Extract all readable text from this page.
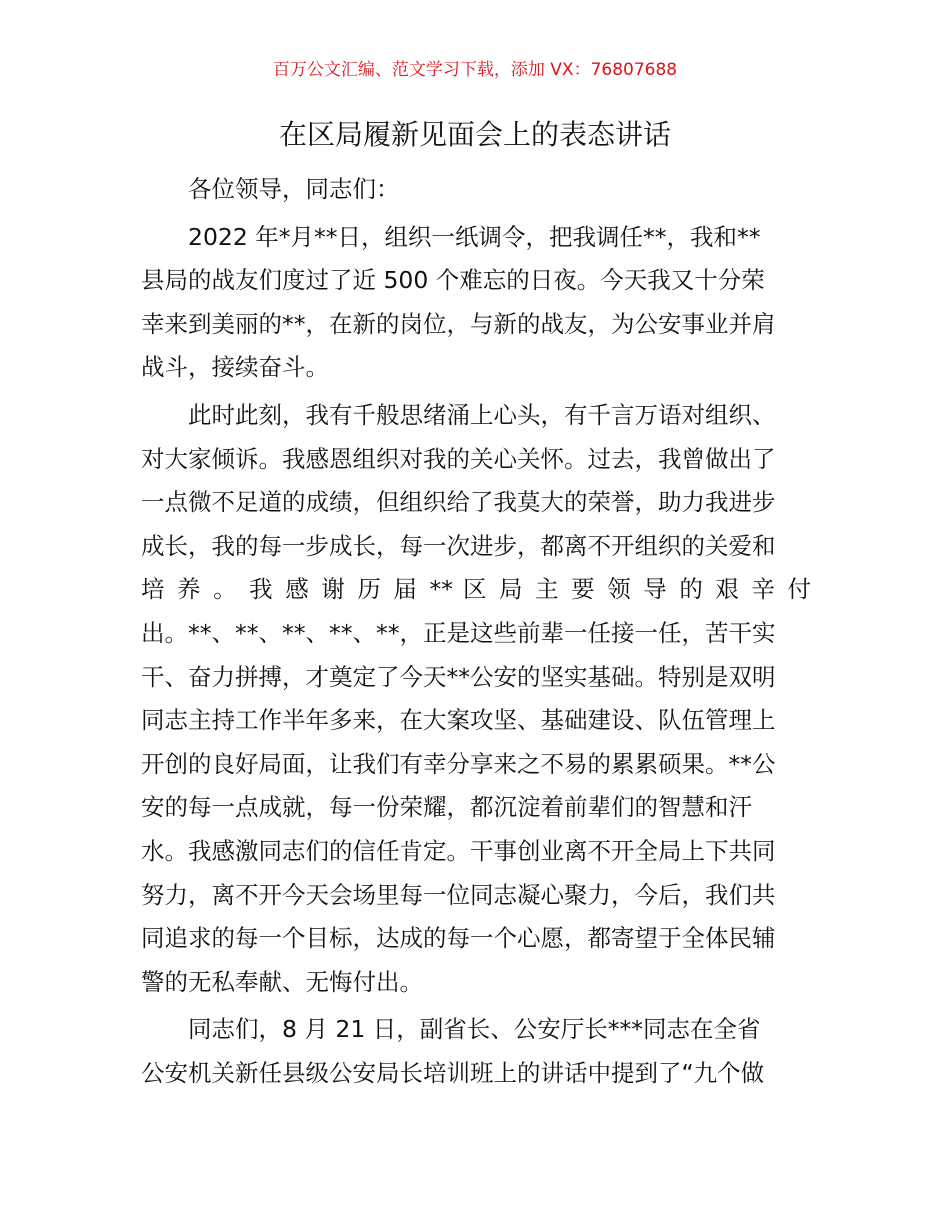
百万公文汇编、范文学习下载，添加 VX：76807688
在区局履新见面会上的表态讲话
各位领导，同志们：
2022 年*月**日，组织一纸调令，把我调任**，我和**
县局的战友们度过了近 500 个难忘的日夜。今天我又十分荣
幸来到美丽的**，在新的岗位，与新的战友，为公安事业并肩
战斗，接续奋斗。
此时此刻，我有千般思绪涌上心头，有千言万语对组织、
对大家倾诉。我感恩组织对我的关心关怀。过去，我曾做出了
一点微不足道的成绩，但组织给了我莫大的荣誉，助力我进步
成长，我的每一步成长，每一次进步，都离不开组织的关爱和
培 养 。 我 感 谢 历 届 ** 区 局 主 要 领 导 的 艰 辛 付
出。**、**、**、**、**，正是这些前辈一任接一任，苦干实
干、奋力拼搏，才奠定了今天**公安的坚实基础。特别是双明
同志主持工作半年多来，在大案攻坚、基础建设、队伍管理上
开创的良好局面，让我们有幸分享来之不易的累累硕果。**公
安的每一点成就，每一份荣耀，都沉淀着前辈们的智慧和汗
水。我感激同志们的信任肯定。干事创业离不开全局上下共同
努力，离不开今天会场里每一位同志凝心聚力，今后，我们共
同追求的每一个目标，达成的每一个心愿，都寄望于全体民辅
警的无私奉献、无悔付出。
同志们，8 月 21 日，副省长、公安厅长***同志在全省
公安机关新任县级公安局长培训班上的讲话中提到了“九个做
